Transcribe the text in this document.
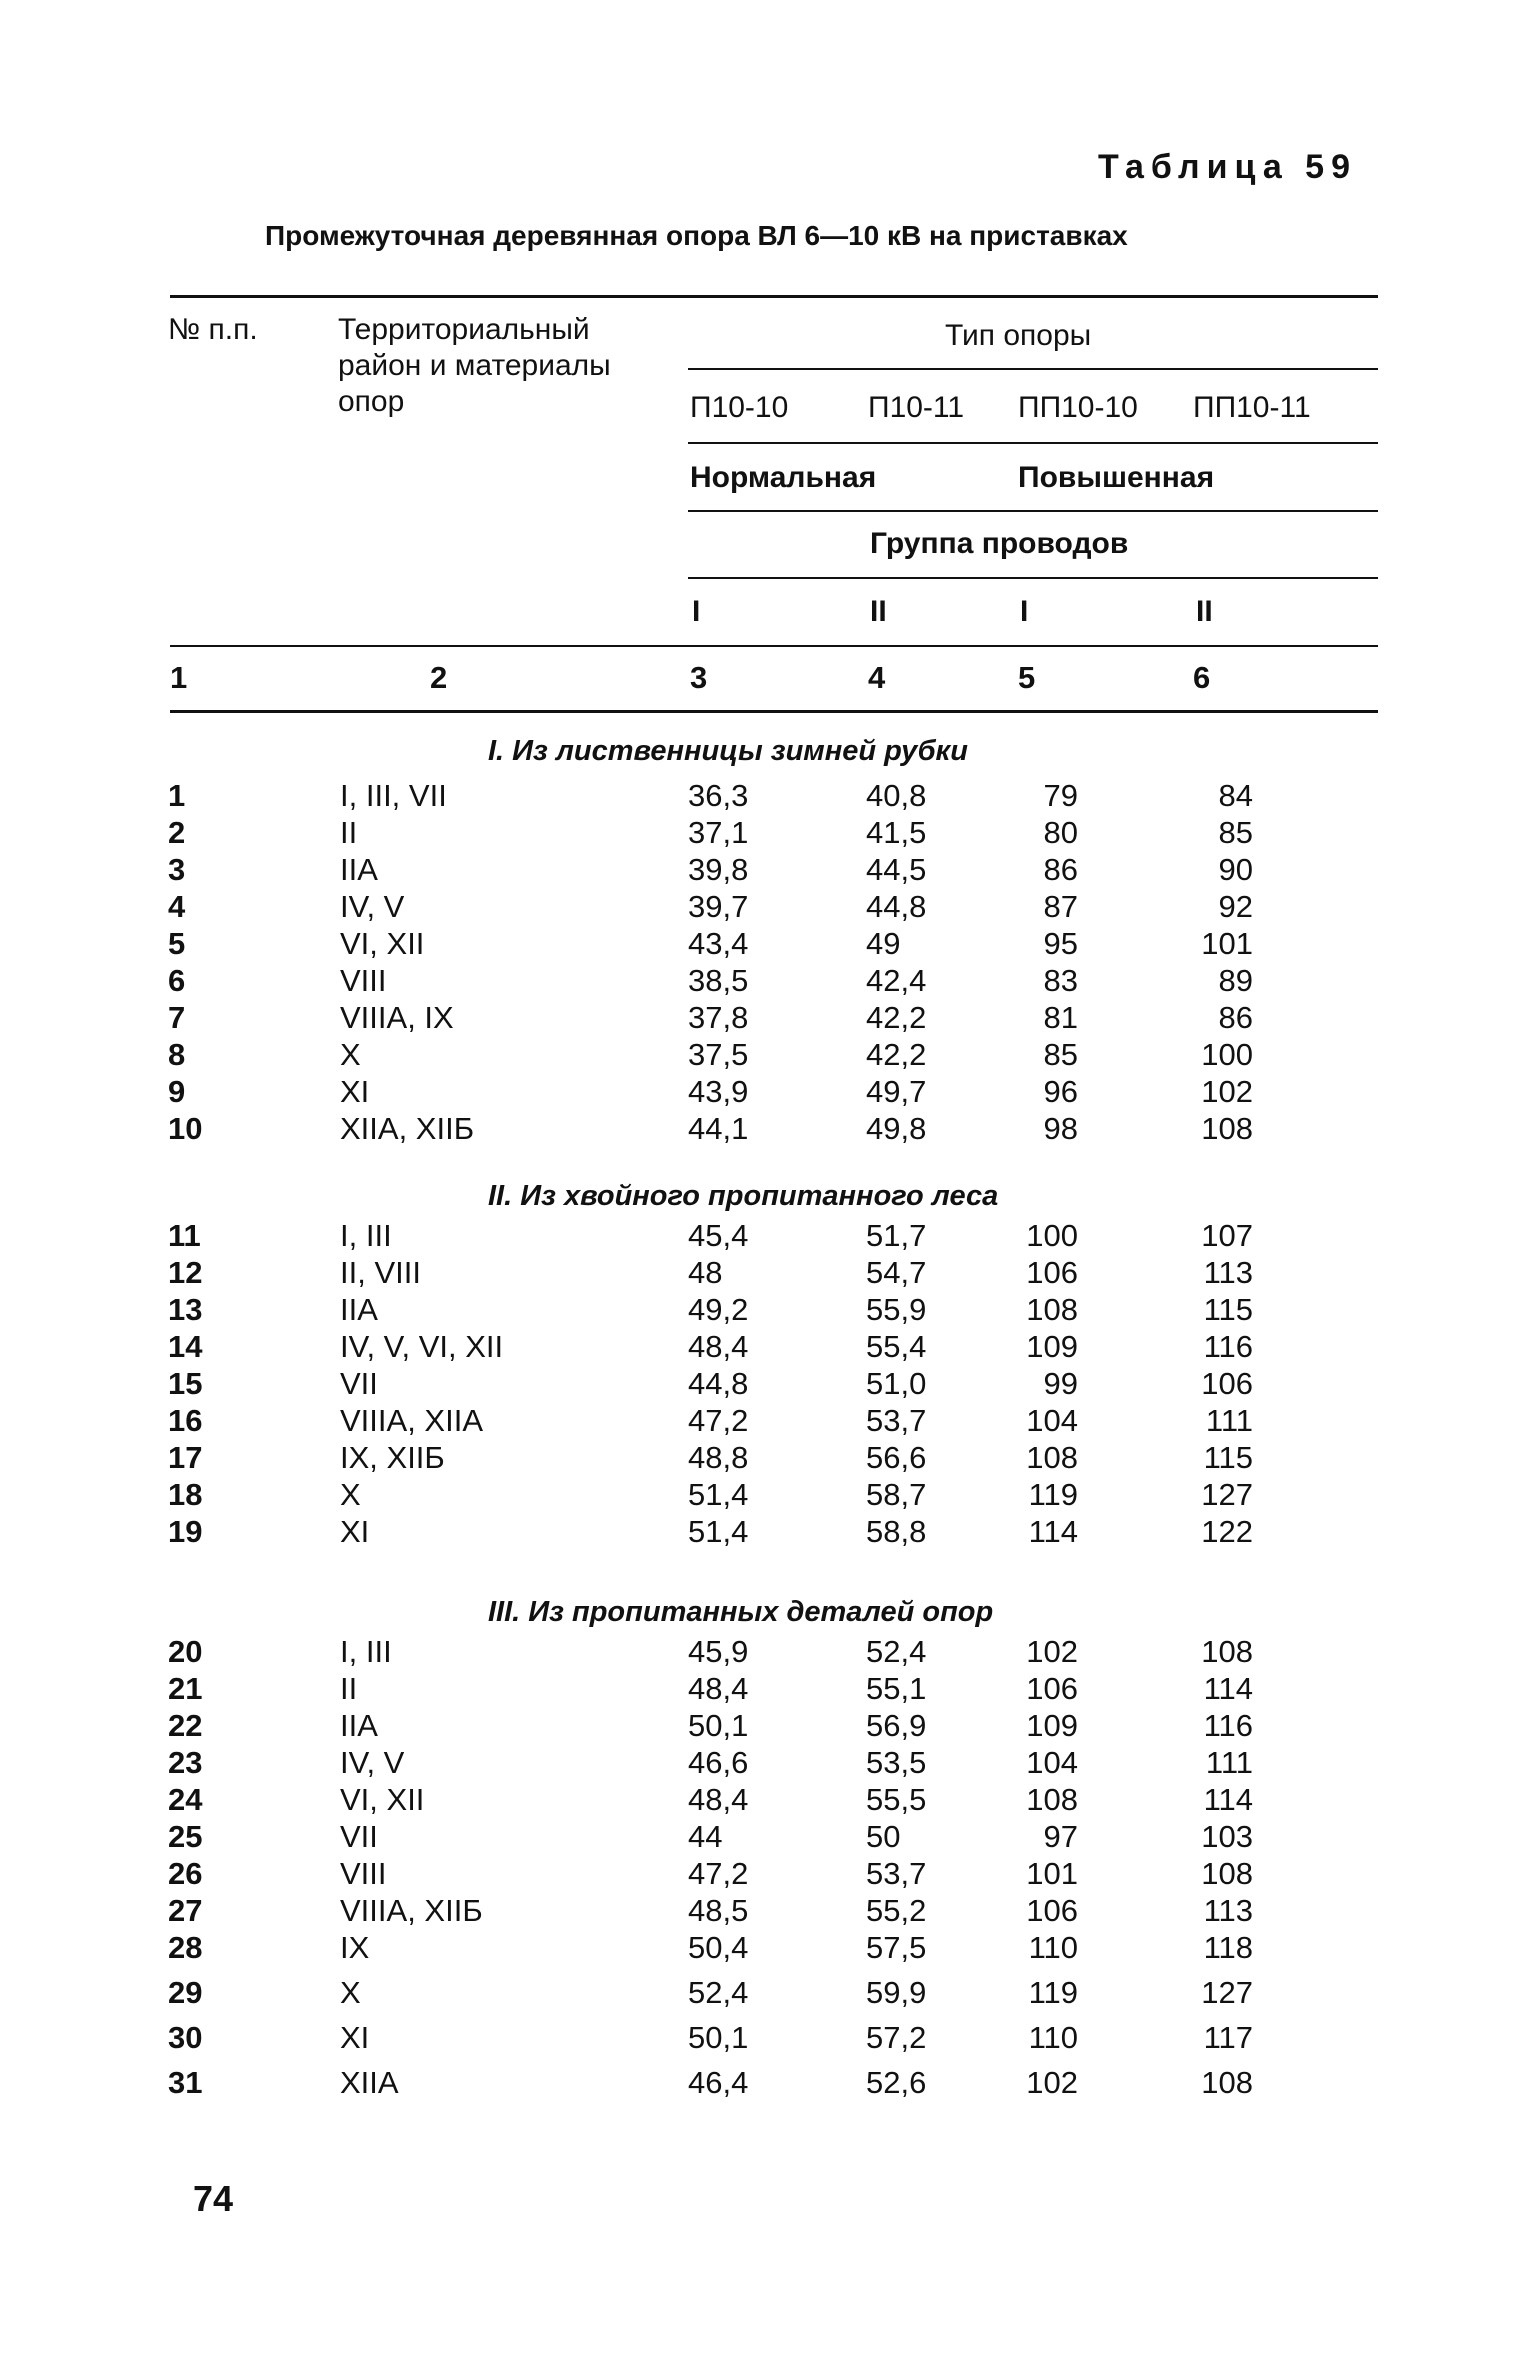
Таблица 59
Промежуточная деревянная опора ВЛ 6—10 кВ на приставках
№ п.п.	Территориальный район и материалы опор
Тип опоры
П10-10	П10-11 ПП10-10 ПП10-11
Нормальная	Повышенная
Группа проводов
I	II	I	II
1	2	3	4	5	6
I. Из лиственницы зимней рубки
1	I, III, VII	36,3	40,8	79	84
2	II	37,1	41,5	80	85
3	IIA	39,8	44,5	86	90
4	IV, V	39,7	44,8	87	92
5	VI, XII	43,4	49	95	101
6	VIII	38,5	42,4	83	89
7	VIIIA, IX	37,8	42,2	81	86
8	X	37,5	42,2	85	100
9	XI	43,9	49,7	96	102
10	XIIA, XIIБ	44,1	49,8	98	108
II. Из хвойного пропитанного леса
11	I, III	45,4	51,7	100	107
12	II, VIII	48	54,7	106	113
13	IIA	49,2	55,9	108	115
14	IV, V, VI, XII	48,4	55,4	109	116
15	VII	44,8	51,0	99	106
16	VIIIA, XIIA	47,2	53,7	104	111
17	IX, XIIБ	48,8	56,6	108	115
18	X	51,4	58,7	119	127
19	XI	51,4	58,8	114	122
III. Из пропитанных деталей опор
20	I, III	45,9	52,4	102	108
21	II	48,4	55,1	106	114
22	IIA	50,1	56,9	109	116
23	IV, V	46,6	53,5	104	111
24	VI, XII	48,4	55,5	108	114
25	VII	44	50	97	103
26	VIII	47,2	53,7	101	108
27	VIIIA, XIIБ	48,5	55,2	106	113
28	IX	50,4	57,5	110	118
29	X	52,4	59,9	119	127
30	XI	50,1	57,2	110	117
31	XIIA	46,4	52,6	102	108
74
